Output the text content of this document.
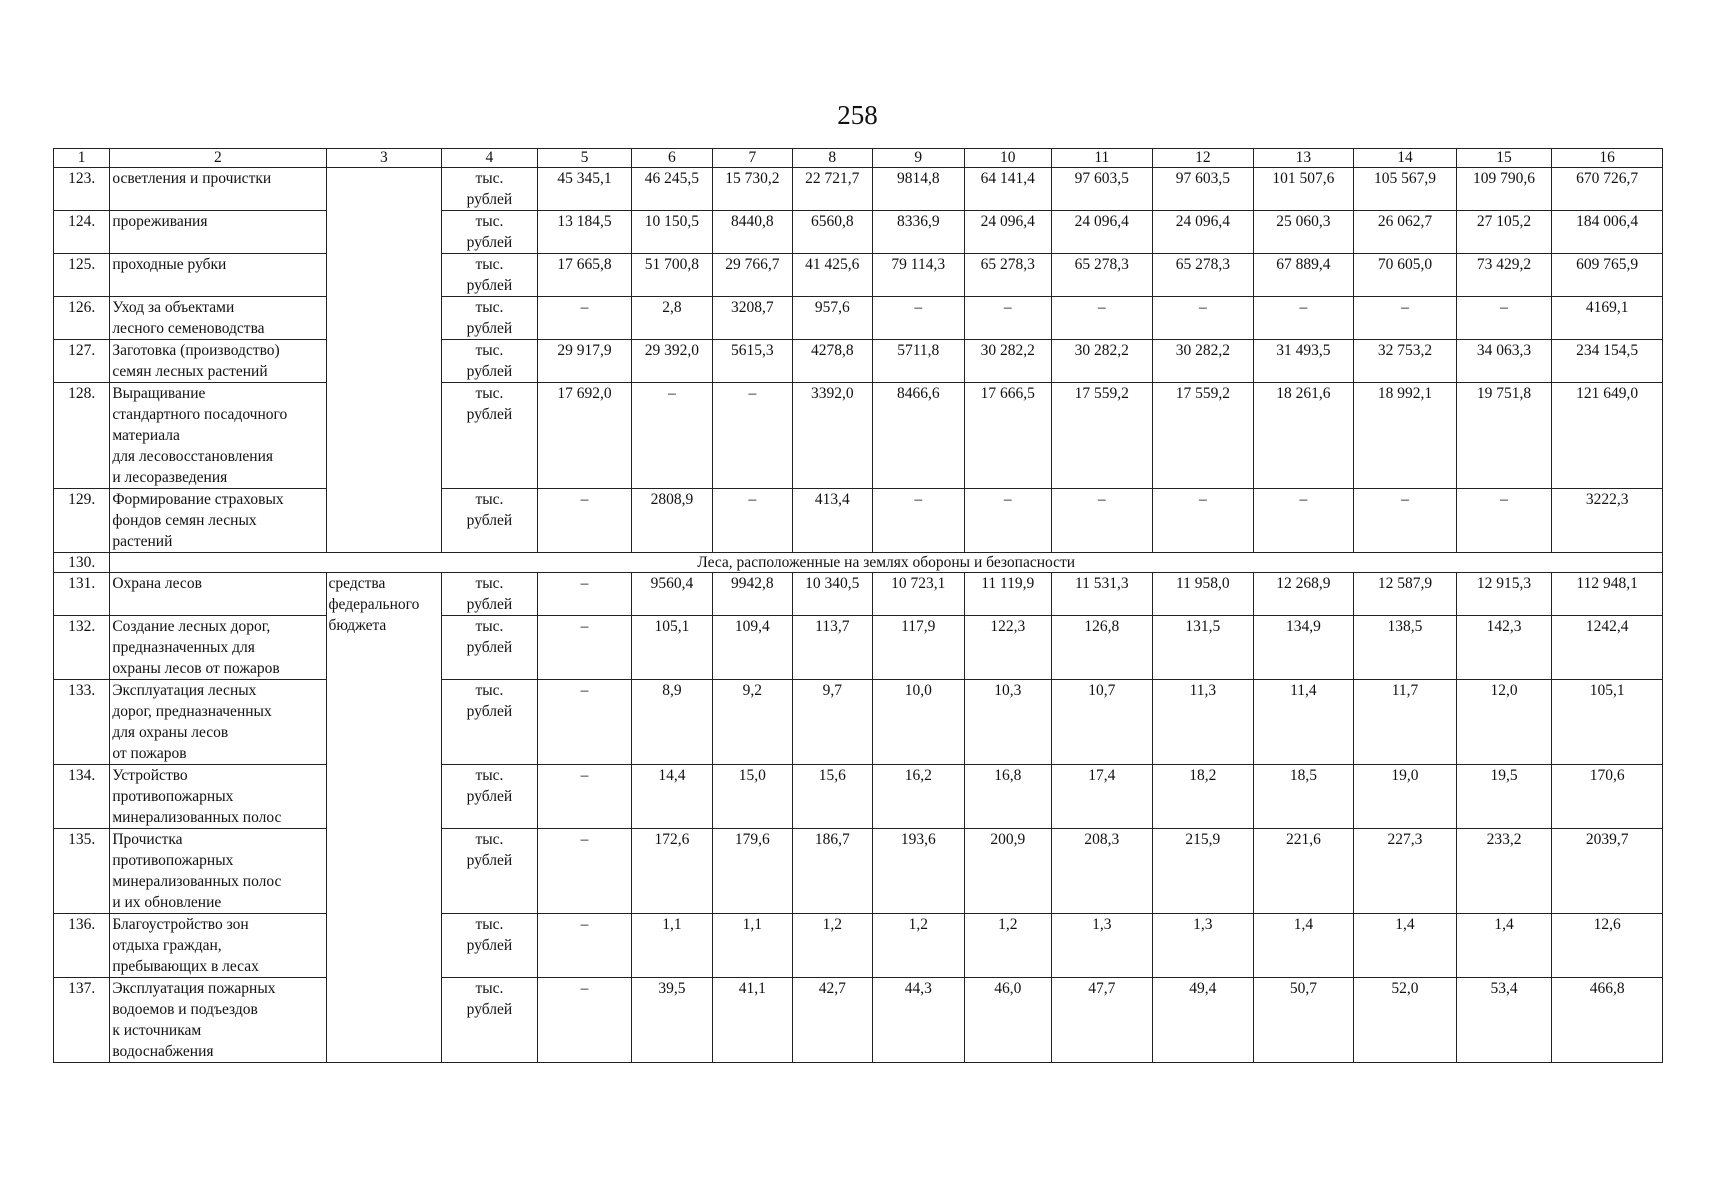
258
1	2	3	4	5	6	7	8	9	10	11	12	13	14	15	16
123.	осветления и прочистки		тыс.
рублей	45 345,1	46 245,5	15 730,2	22 721,7	9814,8	64 141,4	97 603,5	97 603,5	101 507,6	105 567,9	109 790,6	670 726,7
124.	прореживания		тыс.
рублей	13 184,5	10 150,5	8440,8	6560,8	8336,9	24 096,4	24 096,4	24 096,4	25 060,3	26 062,7	27 105,2	184 006,4
125.	проходные рубки		тыс.
рублей	17 665,8	51 700,8	29 766,7	41 425,6	79 114,3	65 278,3	65 278,3	65 278,3	67 889,4	70 605,0	73 429,2	609 765,9
126.	Уход за объектами
лесного семеноводства		тыс.
рублей	–	2,8	3208,7	957,6	–	–	–	–	–	–	–	4169,1
127.	Заготовка (производство)
семян лесных растений		тыс.
рублей	29 917,9	29 392,0	5615,3	4278,8	5711,8	30 282,2	30 282,2	30 282,2	31 493,5	32 753,2	34 063,3	234 154,5
128.	Выращивание
стандартного посадочного
материала
для лесовосстановления
и лесоразведения		тыс.
рублей	17 692,0	–	–	3392,0	8466,6	17 666,5	17 559,2	17 559,2	18 261,6	18 992,1	19 751,8	121 649,0
129.	Формирование страховых
фондов семян лесных
растений		тыс.
рублей	–	2808,9	–	413,4	–	–	–	–	–	–	–	3222,3
130.	Леса, расположенные на землях обороны и безопасности														
131.	Охрана лесов	средства
федерального
бюджета	тыс.
рублей	–	9560,4	9942,8	10 340,5	10 723,1	11 119,9	11 531,3	11 958,0	12 268,9	12 587,9	12 915,3	112 948,1
132.	Создание лесных дорог,
предназначенных для
охраны лесов от пожаров		тыс.
рублей	–	105,1	109,4	113,7	117,9	122,3	126,8	131,5	134,9	138,5	142,3	1242,4
133.	Эксплуатация лесных
дорог, предназначенных
для охраны лесов
от пожаров		тыс.
рублей	–	8,9	9,2	9,7	10,0	10,3	10,7	11,3	11,4	11,7	12,0	105,1
134.	Устройство
противопожарных
минерализованных полос		тыс.
рублей	–	14,4	15,0	15,6	16,2	16,8	17,4	18,2	18,5	19,0	19,5	170,6
135.	Прочистка
противопожарных
минерализованных полос
и их обновление		тыс.
рублей	–	172,6	179,6	186,7	193,6	200,9	208,3	215,9	221,6	227,3	233,2	2039,7
136.	Благоустройство зон
отдыха граждан,
пребывающих в лесах		тыс.
рублей	–	1,1	1,1	1,2	1,2	1,2	1,3	1,3	1,4	1,4	1,4	12,6
137.	Эксплуатация пожарных
водоемов и подъездов
к источникам
водоснабжения		тыс.
рублей	–	39,5	41,1	42,7	44,3	46,0	47,7	49,4	50,7	52,0	53,4	466,8
